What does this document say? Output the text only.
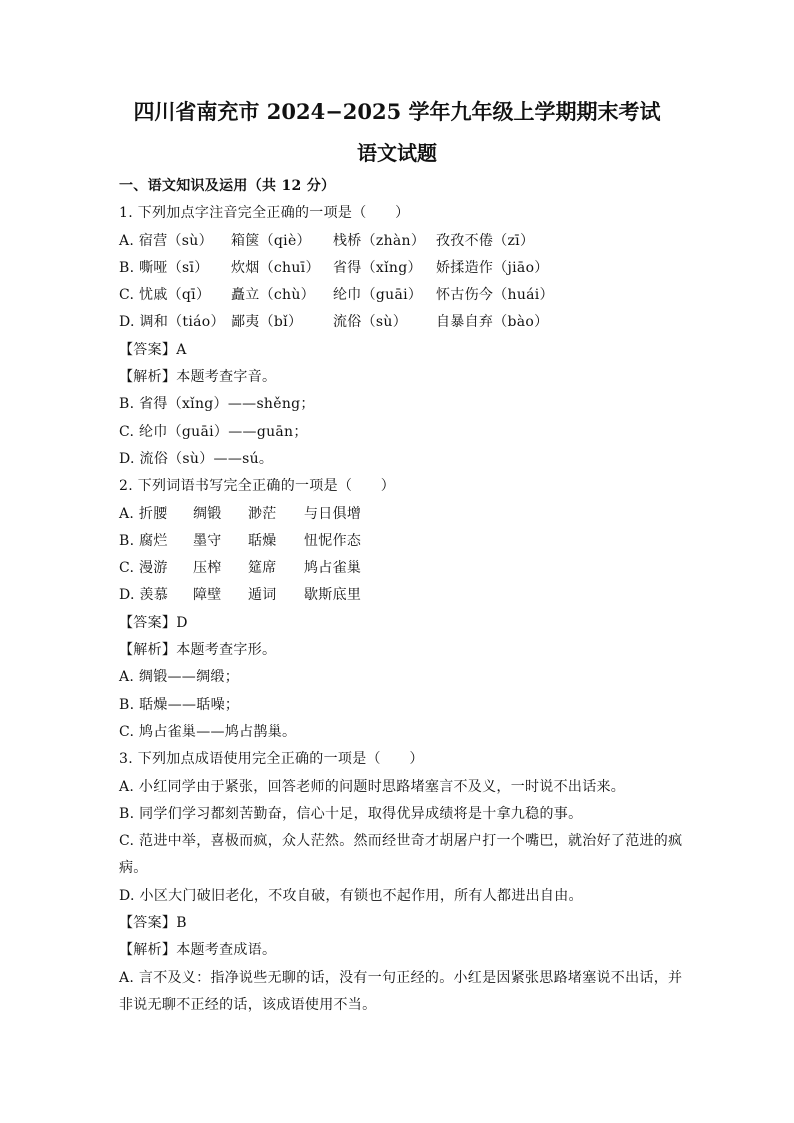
四川省南充市 2024−2025 学年九年级上学期期末考试
语文试题
一、语文知识及运用（共 12 分）
1. 下列加点字注音完全正确的一项是（　　）
A. 宿营（sù） 箱箧（qiè） 栈桥（zhàn） 孜孜不倦（zī）
B. 嘶哑（sī） 炊烟（chuī） 省得（xǐng） 娇揉造作（jiāo）
C. 忧戚（qī） 矗立（chù） 纶巾（guāi） 怀古伤今（huái）
D. 调和（tiáo） 鄙夷（bǐ） 流俗（sù） 自暴自弃（bào）
【答案】A
【解析】本题考查字音。
B. 省得（xǐng）——shěng；
C. 纶巾（guāi）——guān；
D. 流俗（sù）——sú。
2. 下列词语书写完全正确的一项是（　　）
A. 折腰 绸锻 渺茫 与日俱增
B. 腐烂 墨守 聒燥 忸怩作态
C. 漫游 压榨 筵席 鸠占雀巢
D. 羡慕 障壁 遁词 歇斯底里
【答案】D
【解析】本题考查字形。
A. 绸锻——绸缎；
B. 聒燥——聒噪；
C. 鸠占雀巢——鸠占鹊巢。
3. 下列加点成语使用完全正确的一项是（　　）
A. 小红同学由于紧张，回答老师的问题时思路堵塞言不及义，一时说不出话来。
B. 同学们学习都刻苦勤奋，信心十足，取得优异成绩将是十拿九稳的事。
C. 范进中举，喜极而疯，众人茫然。然而经世奇才胡屠户打一个嘴巴，就治好了范进的疯
病。
D. 小区大门破旧老化，不攻自破，有锁也不起作用，所有人都进出自由。
【答案】B
【解析】本题考查成语。
A. 言不及义：指净说些无聊的话，没有一句正经的。小红是因紧张思路堵塞说不出话，并
非说无聊不正经的话，该成语使用不当。
